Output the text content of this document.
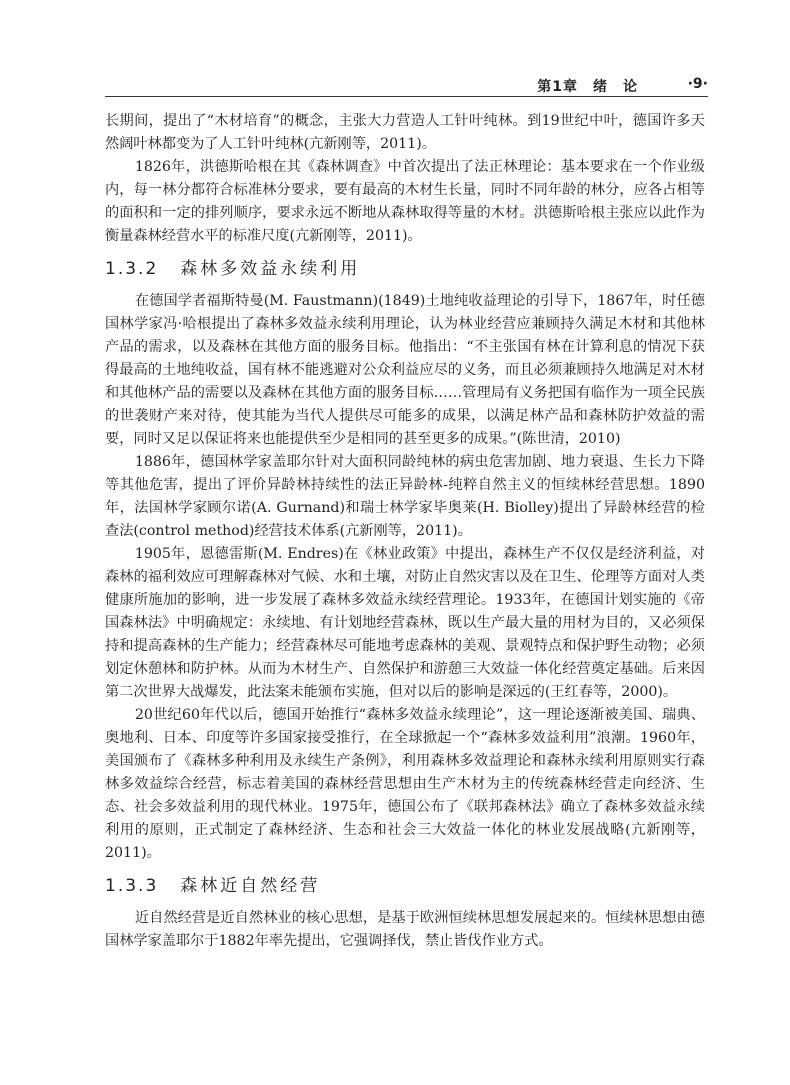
第1章　绪　论	·9·

长期间，提出了“木材培育”的概念，主张大力营造人工针叶纯林。到19世纪中叶，德国许多天然阔叶林都变为了人工针叶纯林(亢新刚等，2011)。

1826年，洪德斯哈根在其《森林调查》中首次提出了法正林理论：基本要求在一个作业级内，每一林分都符合标准林分要求，要有最高的木材生长量，同时不同年龄的林分，应各占相等的面积和一定的排列顺序，要求永远不断地从森林取得等量的木材。洪德斯哈根主张应以此作为衡量森林经营水平的标准尺度(亢新刚等，2011)。

1.3.2 森林多效益永续利用

在德国学者福斯特曼(M. Faustmann)(1849)土地纯收益理论的引导下，1867年，时任德国林学家冯·哈根提出了森林多效益永续利用理论，认为林业经营应兼顾持久满足木材和其他林产品的需求，以及森林在其他方面的服务目标。他指出：“不主张国有林在计算利息的情况下获得最高的土地纯收益，国有林不能逃避对公众利益应尽的义务，而且必须兼顾持久地满足对木材和其他林产品的需要以及森林在其他方面的服务目标……管理局有义务把国有临作为一项全民族的世袭财产来对待，使其能为当代人提供尽可能多的成果，以满足林产品和森林防护效益的需要，同时又足以保证将来也能提供至少是相同的甚至更多的成果。”(陈世清，2010)

1886年，德国林学家盖耶尔针对大面积同龄纯林的病虫危害加剧、地力衰退、生长力下降等其他危害，提出了评价异龄林持续性的法正异龄林-纯粹自然主义的恒续林经营思想。1890年，法国林学家顾尔诺(A. Gurnand)和瑞士林学家毕奥莱(H. Biolley)提出了异龄林经营的检查法(control method)经营技术体系(亢新刚等，2011)。

1905年，恩德雷斯(M. Endres)在《林业政策》中提出，森林生产不仅仅是经济利益，对森林的福利效应可理解森林对气候、水和土壤，对防止自然灾害以及在卫生、伦理等方面对人类健康所施加的影响，进一步发展了森林多效益永续经营理论。1933年，在德国计划实施的《帝国森林法》中明确规定：永续地、有计划地经营森林，既以生产最大量的用材为目的，又必须保持和提高森林的生产能力；经营森林尽可能地考虑森林的美观、景观特点和保护野生动物；必须划定休憩林和防护林。从而为木材生产、自然保护和游憩三大效益一体化经营奠定基础。后来因第二次世界大战爆发，此法案未能颁布实施，但对以后的影响是深远的(王红春等，2000)。

20世纪60年代以后，德国开始推行“森林多效益永续理论”，这一理论逐渐被美国、瑞典、奥地利、日本、印度等许多国家接受推行，在全球掀起一个“森林多效益利用”浪潮。1960年，美国颁布了《森林多种利用及永续生产条例》，利用森林多效益理论和森林永续利用原则实行森林多效益综合经营，标志着美国的森林经营思想由生产木材为主的传统森林经营走向经济、生态、社会多效益利用的现代林业。1975年，德国公布了《联邦森林法》确立了森林多效益永续利用的原则，正式制定了森林经济、生态和社会三大效益一体化的林业发展战略(亢新刚等，2011)。

1.3.3 森林近自然经营

近自然经营是近自然林业的核心思想，是基于欧洲恒续林思想发展起来的。恒续林思想由德国林学家盖耶尔于1882年率先提出，它强调择伐，禁止皆伐作业方式。
